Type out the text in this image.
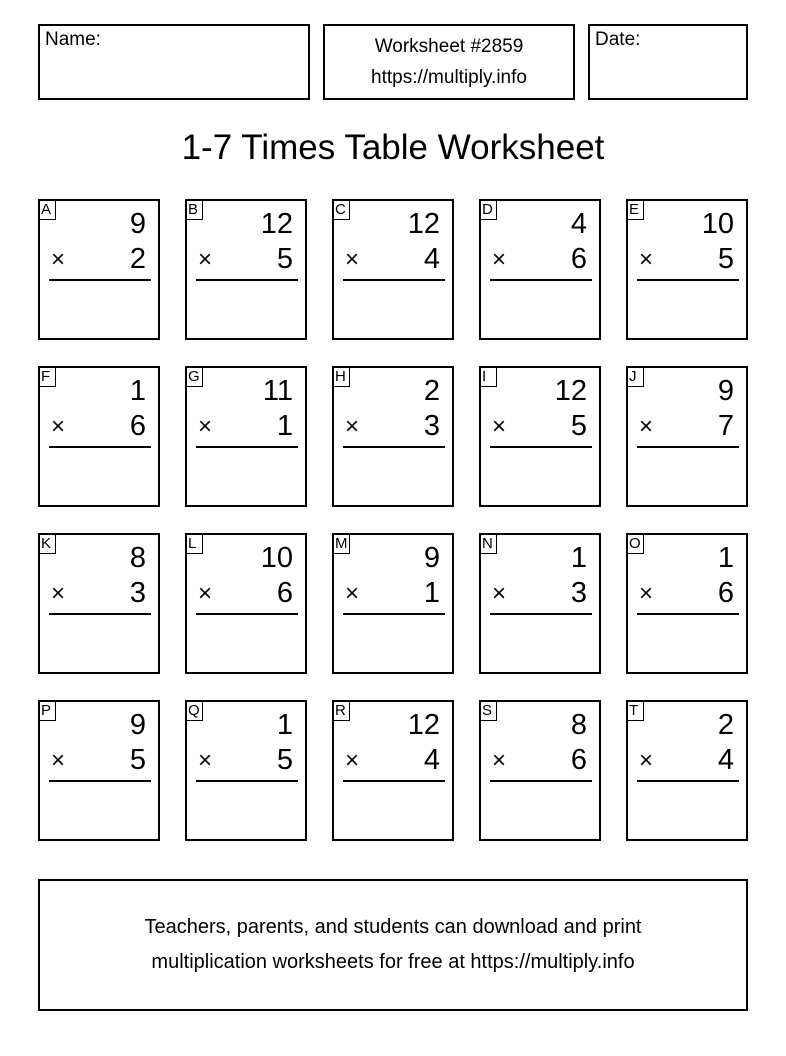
Name:	Worksheet #2859
https://multiply.info
Date:
1-7 Times Table Worksheet
A	9
× 2
B 12
× 5
C 12
× 4
D	4
× 6
E 10
× 5
F	1
× 6
G 11
× 1
H	2
× 3
I	12
× 5
J	9
× 7
K	8
× 3
L 10
× 6
M	9
× 1
N	1
× 3
O	1
× 6
P	9
× 5
Q	1
× 5
R 12
× 4
S	8
× 6
T	2
× 4
Teachers, parents, and students can download and print
multiplication worksheets for free at https://multiply.info
